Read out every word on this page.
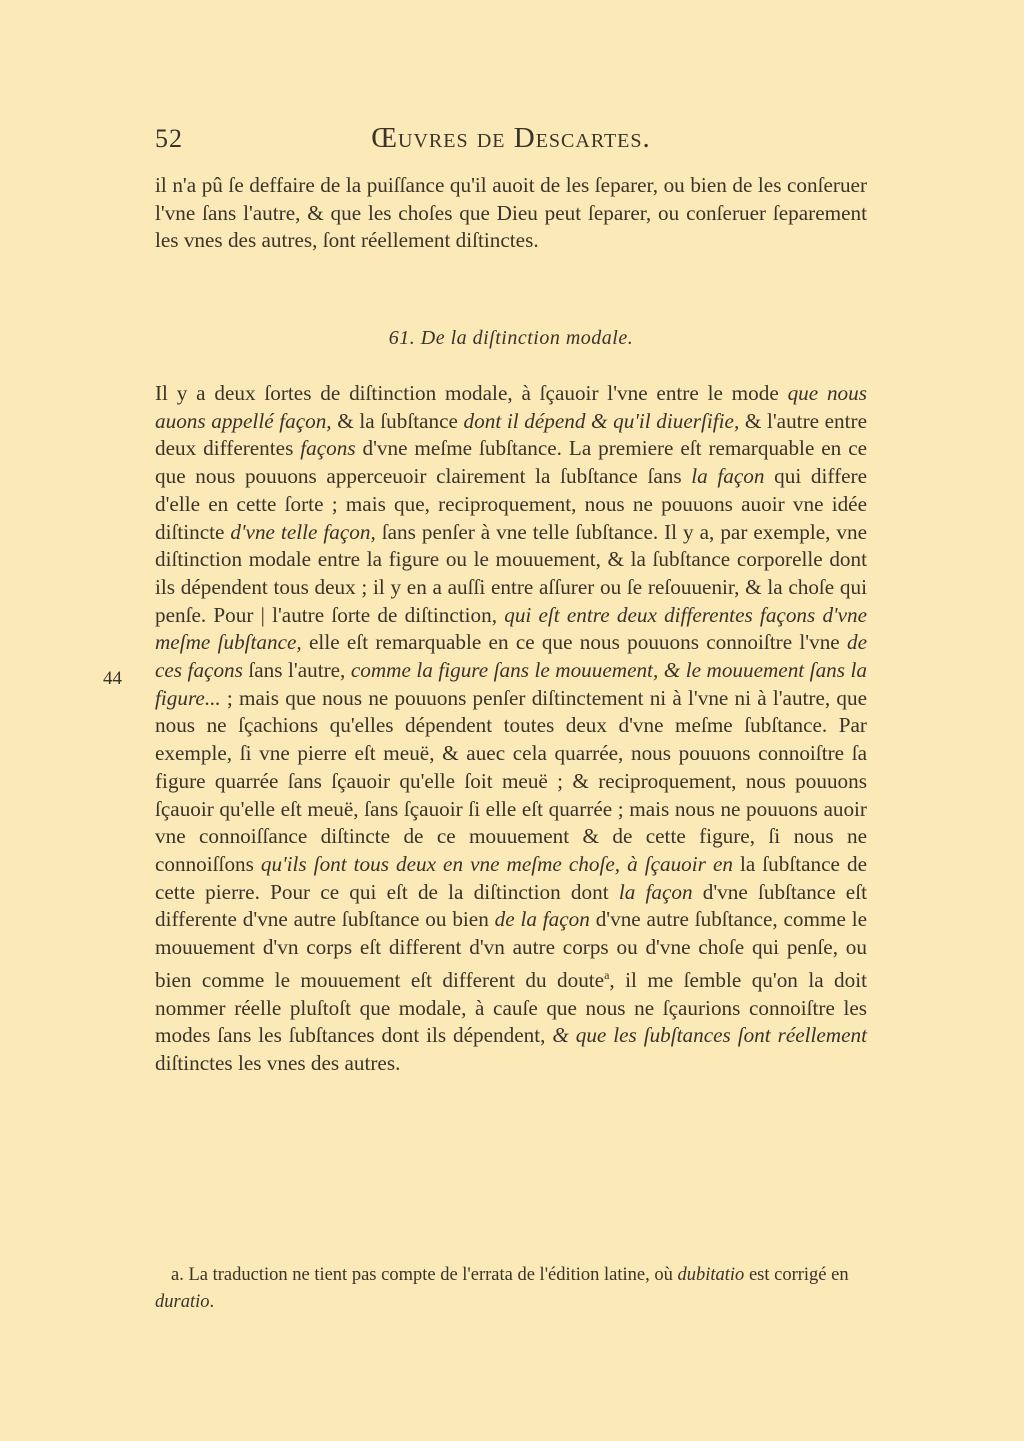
52	Œuvres de Descartes.

il n'a pû ſe deffaire de la puiſſance qu'il auoit de les ſeparer, ou bien de les conſeruer l'vne ſans l'autre, & que les choſes que Dieu peut ſeparer, ou conſeruer ſeparement les vnes des autres, ſont réellement diſtinctes.

61. De la diſtinction modale.
44

Il y a deux ſortes de diſtinction modale, à ſçauoir l'vne entre le mode que nous auons appellé façon, & la ſubſtance dont il dépend & qu'il diuerſifie, & l'autre entre deux differentes façons d'vne meſme ſubſtance. La premiere eſt remarquable en ce que nous pouuons apperceuoir clairement la ſubſtance ſans la façon qui differe d'elle en cette ſorte ; mais que, reciproquement, nous ne pouuons auoir vne idée diſtincte d'vne telle façon, ſans penſer à vne telle ſubſtance. Il y a, par exemple, vne diſtinction modale entre la figure ou le mouuement, & la ſubſtance corporelle dont ils dépendent tous deux ; il y en a auſſi entre aſſurer ou ſe reſouuenir, & la choſe qui penſe. Pour | l'autre ſorte de diſtinction, qui eſt entre deux differentes façons d'vne meſme ſubſtance, elle eſt remarquable en ce que nous pouuons connoiſtre l'vne de ces façons ſans l'autre, comme la figure ſans le mouuement, & le mouuement ſans la figure... ; mais que nous ne pouuons penſer diſtinctement ni à l'vne ni à l'autre, que nous ne ſçachions qu'elles dépendent toutes deux d'vne meſme ſubſtance. Par exemple, ſi vne pierre eſt meuë, & auec cela quarrée, nous pouuons connoiſtre ſa figure quarrée ſans ſçauoir qu'elle ſoit meuë ; & reciproquement, nous pouuons ſçauoir qu'elle eſt meuë, ſans ſçauoir ſi elle eſt quarrée ; mais nous ne pouuons auoir vne connoiſſance diſtincte de ce mouuement & de cette figure, ſi nous ne connoiſſons qu'ils ſont tous deux en vne meſme choſe, à ſçauoir en la ſubſtance de cette pierre. Pour ce qui eſt de la diſtinction dont la façon d'vne ſubſtance eſt differente d'vne autre ſubſtance ou bien de la façon d'vne autre ſubſtance, comme le mouuement d'vn corps eſt different d'vn autre corps ou d'vne choſe qui penſe, ou bien comme le mouuement eſt different du doute$^a$, il me ſemble qu'on la doit nommer réelle pluſtoſt que modale, à cauſe que nous ne ſçaurions connoiſtre les modes ſans les ſubſtances dont ils dépendent, & que les ſubſtances ſont réellement diſtinctes les vnes des autres.

a. La traduction ne tient pas compte de l'errata de l'édition latine, où dubitatio est corrigé en duratio.
